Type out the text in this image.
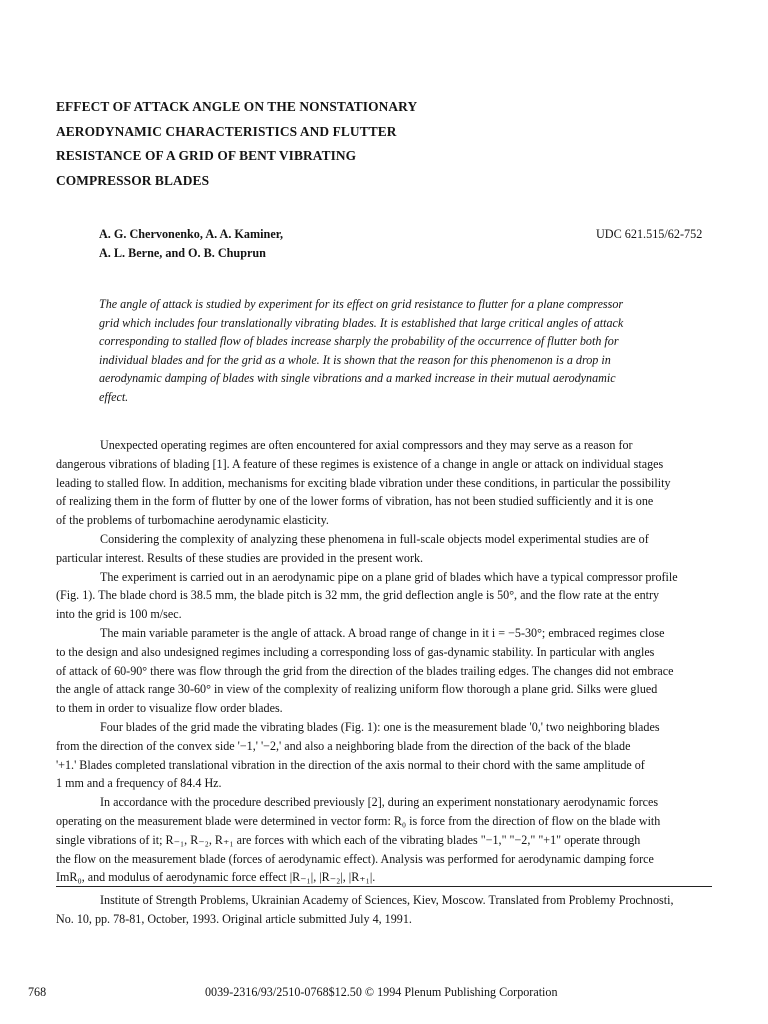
EFFECT OF ATTACK ANGLE ON THE NONSTATIONARY
AERODYNAMIC CHARACTERISTICS AND FLUTTER
RESISTANCE OF A GRID OF BENT VIBRATING
COMPRESSOR BLADES
A. G. Chervonenko, A. A. Kaminer,
A. L. Berne, and O. B. Chuprun
UDC 621.515/62-752
The angle of attack is studied by experiment for its effect on grid resistance to flutter for a plane compressor
grid which includes four translationally vibrating blades. It is established that large critical angles of attack
corresponding to stalled flow of blades increase sharply the probability of the occurrence of flutter both for
individual blades and for the grid as a whole. It is shown that the reason for this phenomenon is a drop in
aerodynamic damping of blades with single vibrations and a marked increase in their mutual aerodynamic
effect.
Unexpected operating regimes are often encountered for axial compressors and they may serve as a reason for
dangerous vibrations of blading [1]. A feature of these regimes is existence of a change in angle or attack on individual stages
leading to stalled flow. In addition, mechanisms for exciting blade vibration under these conditions, in particular the possibility
of realizing them in the form of flutter by one of the lower forms of vibration, has not been studied sufficiently and it is one
of the problems of turbomachine aerodynamic elasticity.
Considering the complexity of analyzing these phenomena in full-scale objects model experimental studies are of
particular interest. Results of these studies are provided in the present work.
The experiment is carried out in an aerodynamic pipe on a plane grid of blades which have a typical compressor profile
(Fig. 1). The blade chord is 38.5 mm, the blade pitch is 32 mm, the grid deflection angle is 50°, and the flow rate at the entry
into the grid is 100 m/sec.
The main variable parameter is the angle of attack. A broad range of change in it i = −5-30°; embraced regimes close
to the design and also undesigned regimes including a corresponding loss of gas-dynamic stability. In particular with angles
of attack of 60-90° there was flow through the grid from the direction of the blades trailing edges. The changes did not embrace
the angle of attack range 30-60° in view of the complexity of realizing uniform flow thorough a plane grid. Silks were glued
to them in order to visualize flow order blades.
Four blades of the grid made the vibrating blades (Fig. 1): one is the measurement blade '0,' two neighboring blades
from the direction of the convex side '−1,' '−2,' and also a neighboring blade from the direction of the back of the blade
'+1.' Blades completed translational vibration in the direction of the axis normal to their chord with the same amplitude of
1 mm and a frequency of 84.4 Hz.
In accordance with the procedure described previously [2], during an experiment nonstationary aerodynamic forces
operating on the measurement blade were determined in vector form: R₀ is force from the direction of flow on the blade with
single vibrations of it; R₋₁, R₋₂, R₊₁ are forces with which each of the vibrating blades "−1," "−2," "+1" operate through
the flow on the measurement blade (forces of aerodynamic effect). Analysis was performed for aerodynamic damping force
ImR₀, and modulus of aerodynamic force effect |R₋₁|, |R₋₂|, |R₊₁|.
Institute of Strength Problems, Ukrainian Academy of Sciences, Kiev, Moscow. Translated from Problemy Prochnosti,
No. 10, pp. 78-81, October, 1993. Original article submitted July 4, 1991.
768	0039-2316/93/2510-0768$12.50 © 1994 Plenum Publishing Corporation
